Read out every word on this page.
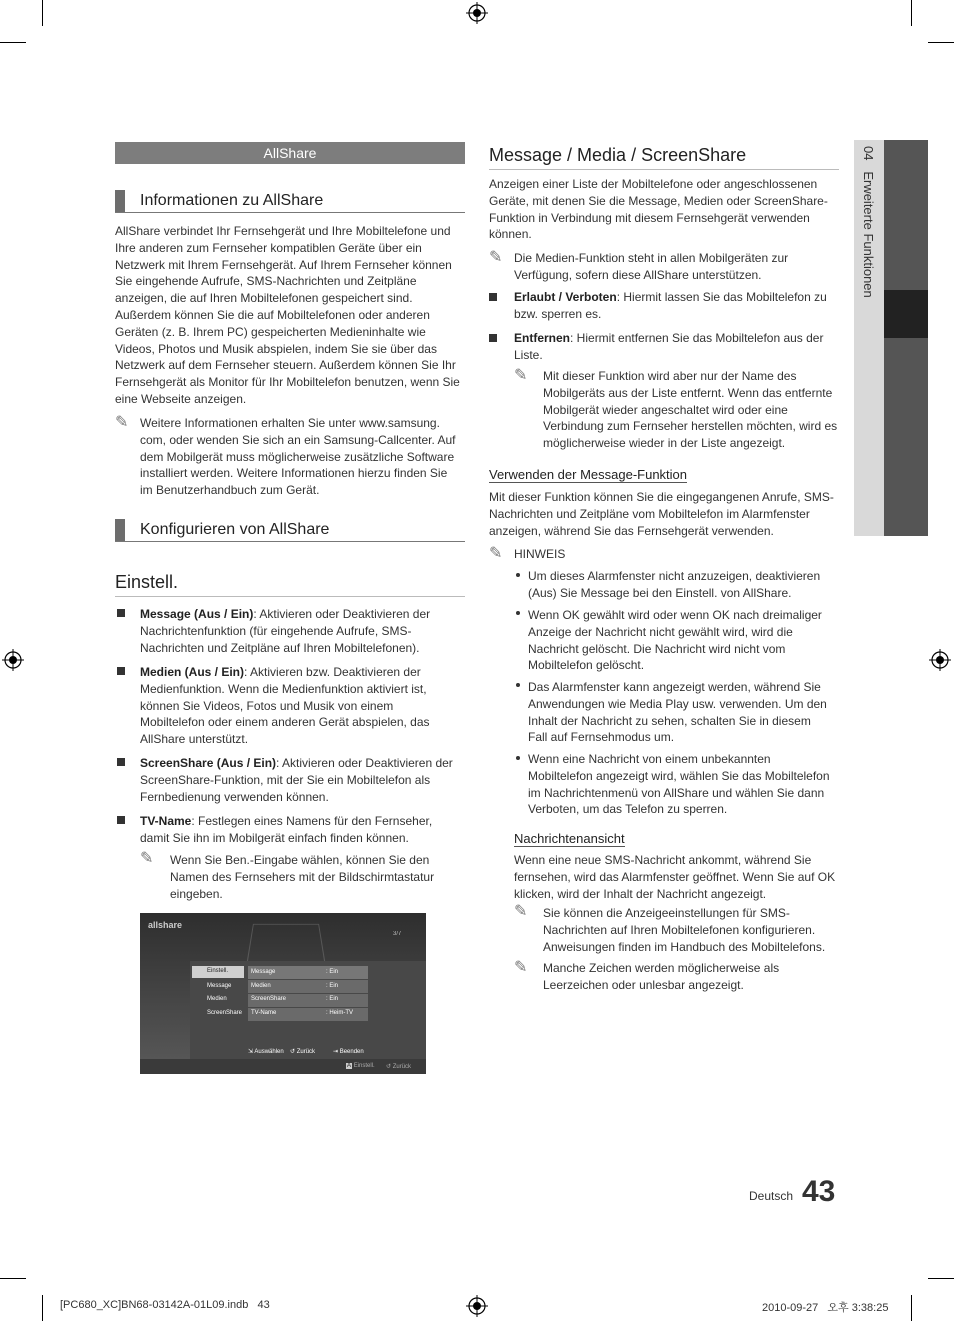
04   Erweiterte Funktionen
AllShare
Informationen zu AllShare
AllShare verbindet Ihr Fernsehgerät und Ihre Mobiltelefone und Ihre anderen zum Fernseher kompatiblen Geräte über ein Netzwerk mit Ihrem Fernsehgerät. Auf Ihrem Fernseher können Sie eingehende Aufrufe, SMS-Nachrichten und Zeitpläne anzeigen, die auf Ihren Mobiltelefonen gespeichert sind. Außerdem können Sie die auf Mobiltelefonen oder anderen Geräten (z. B. Ihrem PC) gespeicherten Medieninhalte wie Videos, Photos und Musik abspielen, indem Sie sie über das Netzwerk auf dem Fernseher steuern. Außerdem können Sie Ihr Fernsehgerät als Monitor für Ihr Mobiltelefon benutzen, wenn Sie eine Webseite anzeigen.
✎ Weitere Informationen erhalten Sie unter www.samsung. com, oder wenden Sie sich an ein Samsung-Callcenter. Auf dem Mobilgerät muss möglicherweise zusätzliche Software installiert werden. Weitere Informationen hierzu finden Sie im Benutzerhandbuch zum Gerät.
Konfigurieren von AllShare
Einstell.
Message (Aus / Ein): Aktivieren oder Deaktivieren der Nachrichtenfunktion (für eingehende Aufrufe, SMS-Nachrichten und Zeitpläne auf Ihren Mobiltelefonen).
Medien (Aus / Ein): Aktivieren bzw. Deaktivieren der Medienfunktion. Wenn die Medienfunktion aktiviert ist, können Sie Videos, Fotos und Musik von einem Mobiltelefon oder einem anderen Gerät abspielen, das AllShare unterstützt.
ScreenShare (Aus / Ein): Aktivieren oder Deaktivieren der ScreenShare-Funktion, mit der Sie ein Mobiltelefon als Fernbedienung verwenden können.
TV-Name: Festlegen eines Namens für den Fernseher, damit Sie ihn im Mobilgerät einfach finden können.
✎ Wenn Sie Ben.-Eingabe wählen, können Sie den Namen des Fernsehers mit der Bildschirmtastatur eingeben.
allshare
3/7
Einstell.
Message
Medien
ScreenShare
Message	: Ein
Medien	: Ein
ScreenShare	: Ein
TV-Name	: Heim-TV
⇲ Auswählen ↺ Zurück	⇥ Beenden
A Einstell. ↺ Zurück
Message / Media / ScreenShare
Anzeigen einer Liste der Mobiltelefone oder angeschlossenen Geräte, mit denen Sie die Message, Medien oder ScreenShare-Funktion in Verbindung mit diesem Fernsehgerät verwenden können.
✎ Die Medien-Funktion steht in allen Mobilgeräten zur Verfügung, sofern diese AllShare unterstützen.
Erlaubt / Verboten: Hiermit lassen Sie das Mobiltelefon zu bzw. sperren es.
Entfernen: Hiermit entfernen Sie das Mobiltelefon aus der Liste.
✎ Mit dieser Funktion wird aber nur der Name des Mobilgeräts aus der Liste entfernt. Wenn das entfernte Mobilgerät wieder angeschaltet wird oder eine Verbindung zum Fernseher herstellen möchten, wird es möglicherweise wieder in der Liste angezeigt.
Verwenden der Message-Funktion
Mit dieser Funktion können Sie die eingegangenen Anrufe, SMS-Nachrichten und Zeitpläne vom Mobiltelefon im Alarmfenster anzeigen, während Sie das Fernsehgerät verwenden.
✎ HINWEIS
Um dieses Alarmfenster nicht anzuzeigen, deaktivieren (Aus) Sie Message bei den Einstell. von AllShare.
Wenn OK gewählt wird oder wenn OK nach dreimaliger Anzeige der Nachricht nicht gewählt wird, wird die Nachricht gelöscht. Die Nachricht wird nicht vom Mobiltelefon gelöscht.
Das Alarmfenster kann angezeigt werden, während Sie Anwendungen wie Media Play usw. verwenden. Um den Inhalt der Nachricht zu sehen, schalten Sie in diesem Fall auf Fernsehmodus um.
Wenn eine Nachricht von einem unbekannten Mobiltelefon angezeigt wird, wählen Sie das Mobiltelefon im Nachrichtenmenü von AllShare und wählen Sie dann Verboten, um das Telefon zu sperren.
Nachrichtenansicht
Wenn eine neue SMS-Nachricht ankommt, während Sie fernsehen, wird das Alarmfenster geöffnet. Wenn Sie auf OK klicken, wird der Inhalt der Nachricht angezeigt.
✎ Sie können die Anzeigeeinstellungen für SMS-Nachrichten auf Ihren Mobiltelefonen konfigurieren. Anweisungen finden im Handbuch des Mobiltelefons.
✎ Manche Zeichen werden möglicherweise als Leerzeichen oder unlesbar angezeigt.
Deutsch 43
[PC680_XC]BN68-03142A-01L09.indb   43	2010-09-27   오후 3:38:25
